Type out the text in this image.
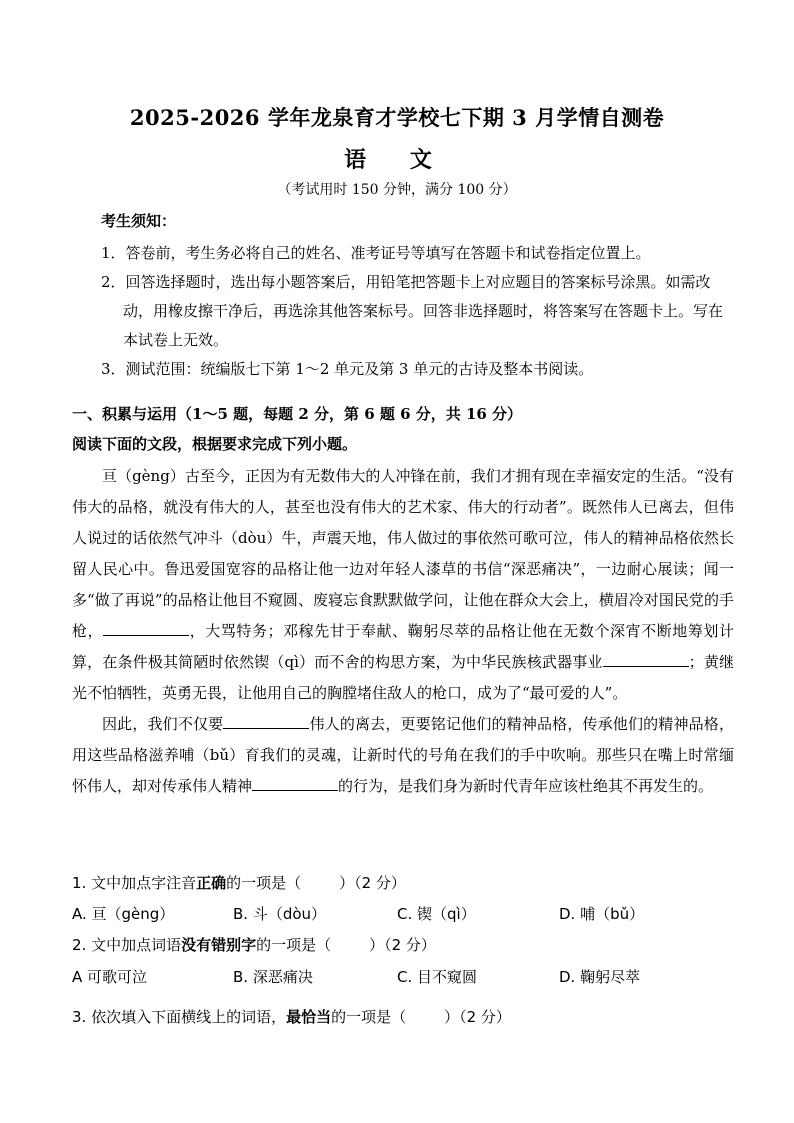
2025-2026 学年龙泉育才学校七下期 3 月学情自测卷
语 文
（考试用时 150 分钟，满分 100 分）
考生须知：
1．答卷前，考生务必将自己的姓名、准考证号等填写在答题卡和试卷指定位置上。
2．回答选择题时，选出每小题答案后，用铅笔把答题卡上对应题目的答案标号涂黑。如需改动，用橡皮擦干净后，再选涂其他答案标号。回答非选择题时，将答案写在答题卡上。写在本试卷上无效。
3．测试范围：统编版七下第 1～2 单元及第 3 单元的古诗及整本书阅读。
一、积累与运用（1～5 题，每题 2 分，第 6 题 6 分，共 16 分）
阅读下面的文段，根据要求完成下列小题。

亘（gèng）古至今，正因为有无数伟大的人冲锋在前，我们才拥有现在幸福安定的生活。“没有伟大的品格，就没有伟大的人，甚至也没有伟大的艺术家、伟大的行动者”。既然伟人已离去，但伟人说过的话依然气冲斗（dòu）牛，声震天地，伟人做过的事依然可歌可泣，伟人的精神品格依然长留人民心中。鲁迅爱国宽容的品格让他一边对年轻人漆草的书信“深恶痛决”，一边耐心展读；闻一多“做了再说”的品格让他目不窥圆、废寝忘食默默做学问，让他在群众大会上，横眉冷对国民党的手枪，	，大骂特务；邓稼先甘于奉献、鞠躬尽萃的品格让他在无数个深宵不断地筹划计算，在条件极其简陋时依然锲（qì）而不舍的构思方案，为中华民族核武器事业	；黄继光不怕牺牲，英勇无畏，让他用自己的胸膛堵住敌人的枪口，成为了“最可爱的人”。

因此，我们不仅要	伟人的离去，更要铭记他们的精神品格，传承他们的精神品格，用这些品格滋养哺（bǔ）育我们的灵魂，让新时代的号角在我们的手中吹响。那些只在嘴上时常缅怀伟人，却对传承伟人精神	的行为，是我们身为新时代青年应该杜绝其不再发生的。

1. 文中加点字注音正确的一项是（	）（2 分）
A. 亘（gèng）	B. 斗（dòu）	C. 锲（qì）	D. 哺（bǔ）
2. 文中加点词语没有错别字的一项是（	）（2 分）
A 可歌可泣	B. 深恶痛决	C. 目不窥圆	D. 鞠躬尽萃
3. 依次填入下面横线上的词语，最恰当的一项是（	）（2 分）
